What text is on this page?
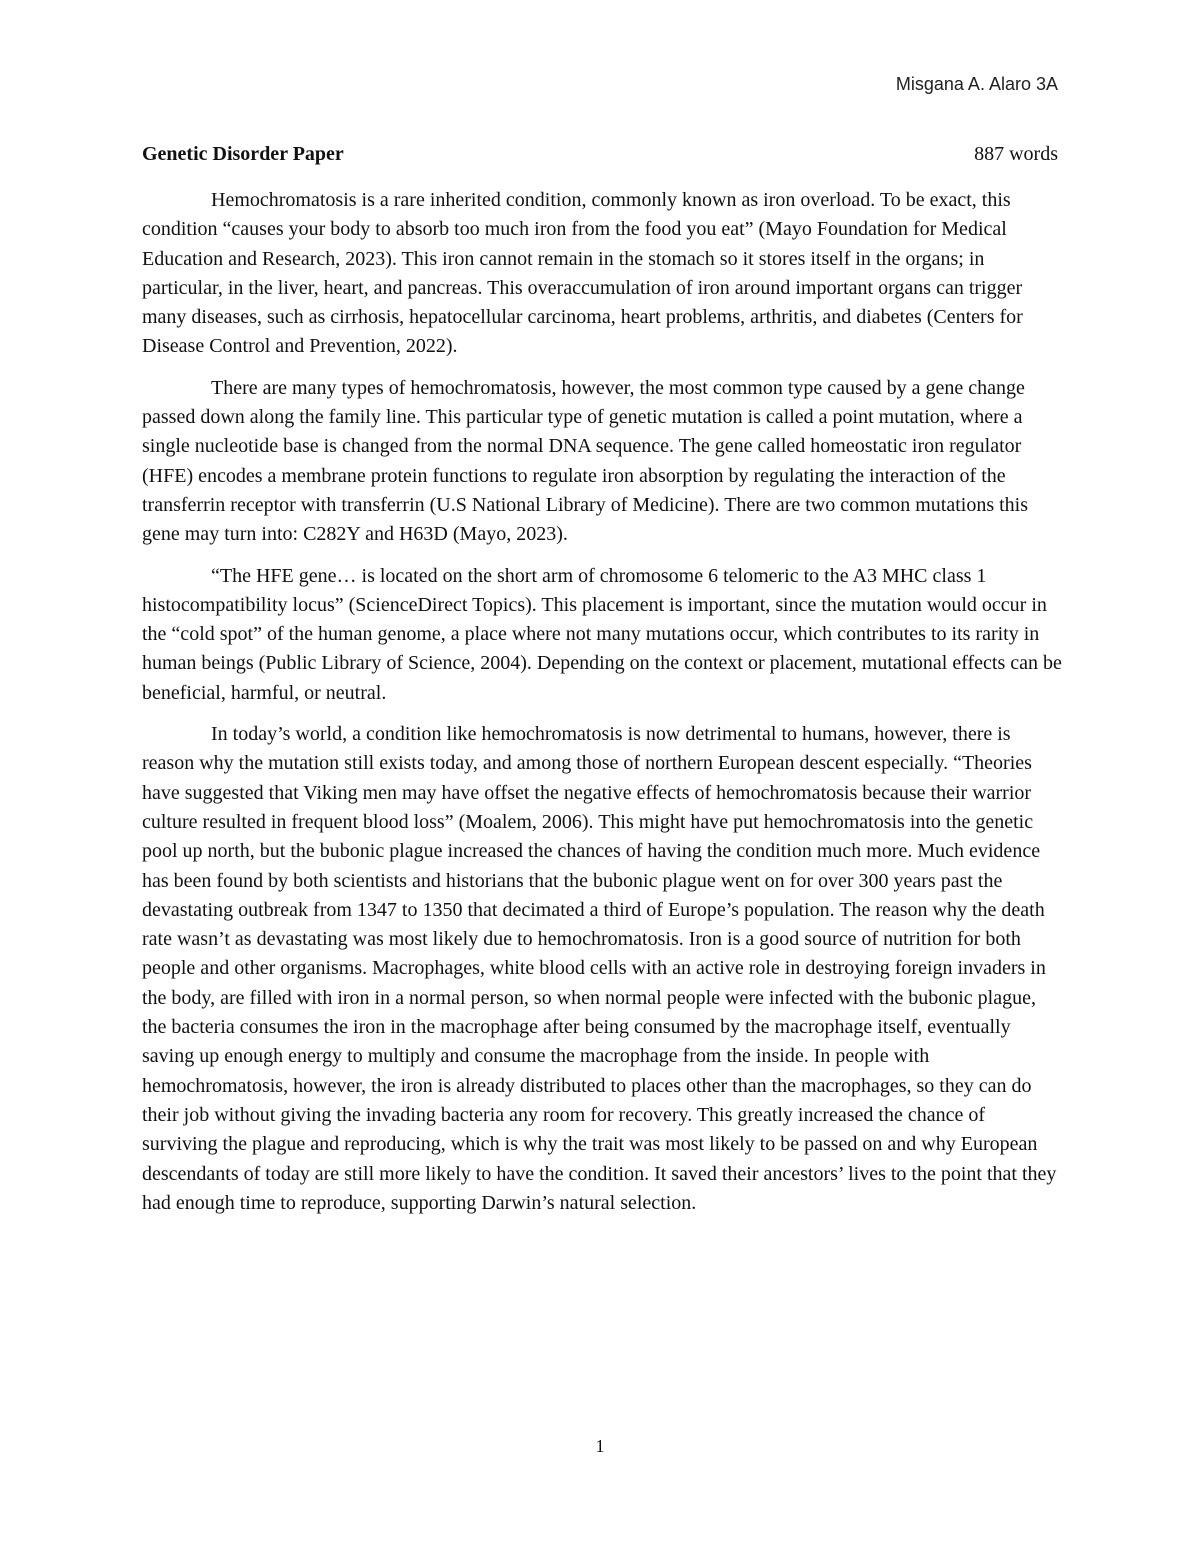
Misgana A. Alaro 3A
Genetic Disorder Paper	887 words

Hemochromatosis is a rare inherited condition, commonly known as iron overload. To be exact, this condition “causes your body to absorb too much iron from the food you eat” (Mayo Foundation for Medical Education and Research, 2023). This iron cannot remain in the stomach so it stores itself in the organs; in particular, in the liver, heart, and pancreas. This overaccumulation of iron around important organs can trigger many diseases, such as cirrhosis, hepatocellular carcinoma, heart problems, arthritis, and diabetes (Centers for Disease Control and Prevention, 2022).

There are many types of hemochromatosis, however, the most common type caused by a gene change passed down along the family line. This particular type of genetic mutation is called a point mutation, where a single nucleotide base is changed from the normal DNA sequence. The gene called homeostatic iron regulator (HFE) encodes a membrane protein functions to regulate iron absorption by regulating the interaction of the transferrin receptor with transferrin (U.S National Library of Medicine). There are two common mutations this gene may turn into: C282Y and H63D (Mayo, 2023).

“The HFE gene… is located on the short arm of chromosome 6 telomeric to the A3 MHC class 1 histocompatibility locus” (ScienceDirect Topics). This placement is important, since the mutation would occur in the “cold spot” of the human genome, a place where not many mutations occur, which contributes to its rarity in human beings (Public Library of Science, 2004). Depending on the context or placement, mutational effects can be beneficial, harmful, or neutral.

In today’s world, a condition like hemochromatosis is now detrimental to humans, however, there is reason why the mutation still exists today, and among those of northern European descent especially. “Theories have suggested that Viking men may have offset the negative effects of hemochromatosis because their warrior culture resulted in frequent blood loss” (Moalem, 2006). This might have put hemochromatosis into the genetic pool up north, but the bubonic plague increased the chances of having the condition much more. Much evidence has been found by both scientists and historians that the bubonic plague went on for over 300 years past the devastating outbreak from 1347 to 1350 that decimated a third of Europe’s population. The reason why the death rate wasn’t as devastating was most likely due to hemochromatosis. Iron is a good source of nutrition for both people and other organisms. Macrophages, white blood cells with an active role in destroying foreign invaders in the body, are filled with iron in a normal person, so when normal people were infected with the bubonic plague, the bacteria consumes the iron in the macrophage after being consumed by the macrophage itself, eventually saving up enough energy to multiply and consume the macrophage from the inside. In people with hemochromatosis, however, the iron is already distributed to places other than the macrophages, so they can do their job without giving the invading bacteria any room for recovery. This greatly increased the chance of surviving the plague and reproducing, which is why the trait was most likely to be passed on and why European descendants of today are still more likely to have the condition. It saved their ancestors’ lives to the point that they had enough time to reproduce, supporting Darwin’s natural selection.

1
